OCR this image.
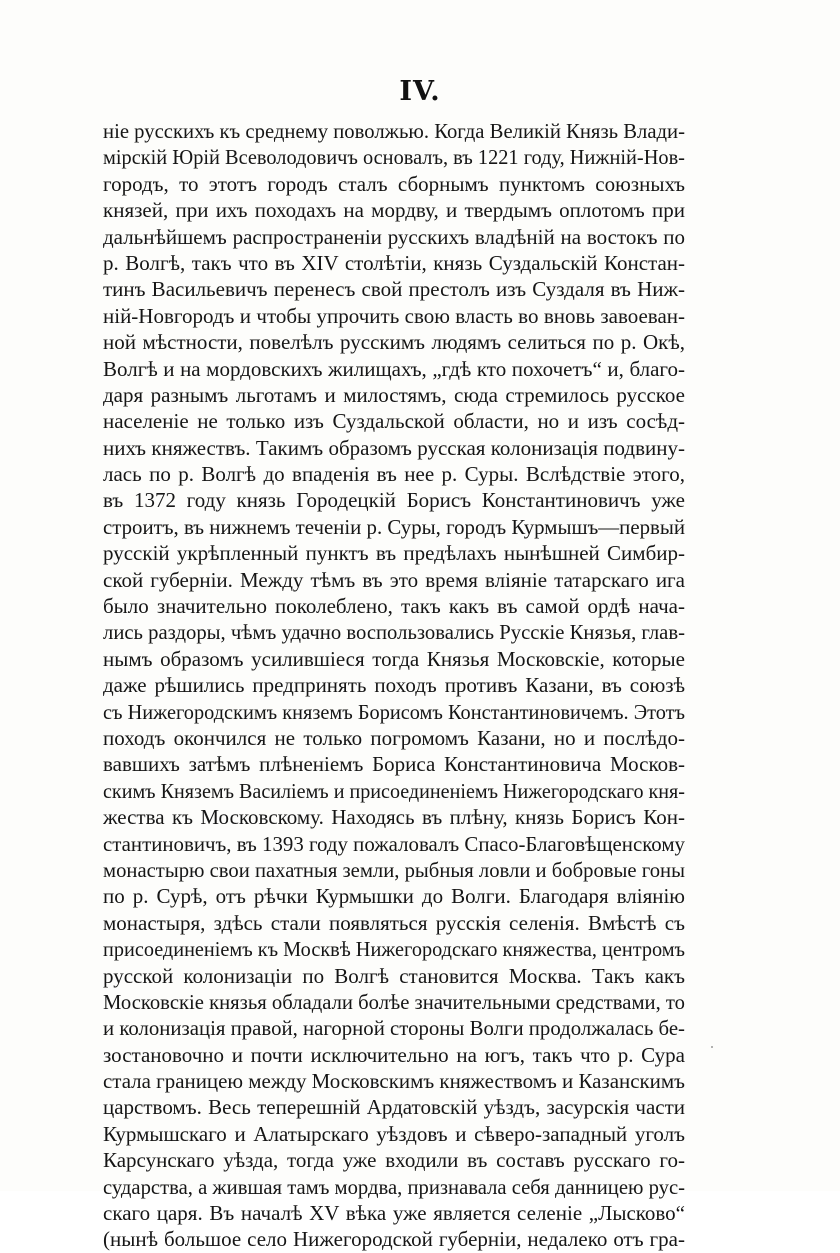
IV.
ніе русскихъ къ среднему поволжью. Когда Великій Князь Влади-
мірскій Юрій Всеволодовичъ основалъ, въ 1221 году, Нижній-Нов-
городъ, то этотъ городъ сталъ сборнымъ пунктомъ союзныхъ
князей, при ихъ походахъ на мордву, и твердымъ оплотомъ при
дальнѣйшемъ распространеніи русскихъ владѣній на востокъ по
р. Волгѣ, такъ что въ XIV столѣтіи, князь Суздальскій Констан-
тинъ Васильевичъ перенесъ свой престолъ изъ Суздаля въ Ниж-
ній-Новгородъ и чтобы упрочить свою власть во вновь завоеван-
ной мѣстности, повелѣлъ русскимъ людямъ селиться по р. Окѣ,
Волгѣ и на мордовскихъ жилищахъ, „гдѣ кто похочетъ“ и, благо-
даря разнымъ льготамъ и милостямъ, сюда стремилось русское
населеніе не только изъ Суздальской области, но и изъ сосѣд-
нихъ княжествъ. Такимъ образомъ русская колонизація подвину-
лась по р. Волгѣ до впаденія въ нее р. Суры. Вслѣдствіе этого,
въ 1372 году князь Городецкій Борисъ Константиновичъ уже
строитъ, въ нижнемъ теченіи р. Суры, городъ Курмышъ—первый
русскій укрѣпленный пунктъ въ предѣлахъ нынѣшней Симбир-
ской губерніи. Между тѣмъ въ это время вліяніе татарскаго ига
было значительно поколеблено, такъ какъ въ самой ордѣ нача-
лись раздоры, чѣмъ удачно воспользовались Русскіе Князья, глав-
нымъ образомъ усилившіеся тогда Князья Московскіе, которые
даже рѣшились предпринять походъ противъ Казани, въ союзѣ
съ Нижегородскимъ княземъ Борисомъ Константиновичемъ. Этотъ
походъ окончился не только погромомъ Казани, но и послѣдо-
вавшихъ затѣмъ плѣненіемъ Бориса Константиновича Москов-
скимъ Княземъ Василіемъ и присоединеніемъ Нижегородскаго кня-
жества къ Московскому. Находясь въ плѣну, князь Борисъ Кон-
стантиновичъ, въ 1393 году пожаловалъ Спасо-Благовѣщенскому
монастырю свои пахатныя земли, рыбныя ловли и бобровые гоны
по р. Сурѣ, отъ рѣчки Курмышки до Волги. Благодаря вліянію
монастыря, здѣсь стали появляться русскія селенія. Вмѣстѣ съ
присоединеніемъ къ Москвѣ Нижегородскаго княжества, центромъ
русской колонизаціи по Волгѣ становится Москва. Такъ какъ
Московскіе князья обладали болѣе значительными средствами, то
и колонизація правой, нагорной стороны Волги продолжалась бе-
зостановочно и почти исключительно на югъ, такъ что р. Сура
стала границею между Московскимъ княжествомъ и Казанскимъ
царствомъ. Весь теперешній Ардатовскій уѣздъ, засурскія части
Курмышскаго и Алатырскаго уѣздовъ и сѣверо-западный уголъ
Карсунскаго уѣзда, тогда уже входили въ составъ русскаго го-
сударства, а жившая тамъ мордва, признавала себя данницею рус-
скаго царя. Въ началѣ XV вѣка уже является селеніе „Лысково“
(нынѣ большое село Нижегородской губерніи, недалеко отъ гра-
